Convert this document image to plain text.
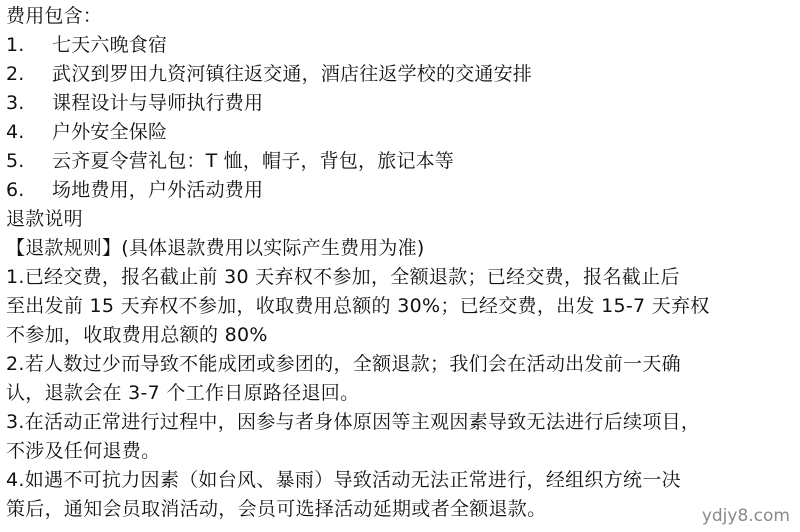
费用包含：
1.	七天六晚食宿
2.	武汉到罗田九资河镇往返交通，酒店往返学校的交通安排
3.	课程设计与导师执行费用
4.	户外安全保险
5.	云齐夏令营礼包：T 恤，帽子，背包，旅记本等
6.	场地费用，户外活动费用
退款说明
【退款规则】(具体退款费用以实际产生费用为准)
1.已经交费，报名截止前 30 天弃权不参加，全额退款；已经交费，报名截止后
至出发前 15 天弃权不参加，收取费用总额的 30%；已经交费，出发 15-7 天弃权
不参加，收取费用总额的 80%
2.若人数过少而导致不能成团或参团的，全额退款；我们会在活动出发前一天确
认，退款会在 3-7 个工作日原路径退回。
3.在活动正常进行过程中，因参与者身体原因等主观因素导致无法进行后续项目，
不涉及任何退费。
4.如遇不可抗力因素（如台风、暴雨）导致活动无法正常进行，经组织方统一决
策后，通知会员取消活动，会员可选择活动延期或者全额退款。	ydjy8.com
